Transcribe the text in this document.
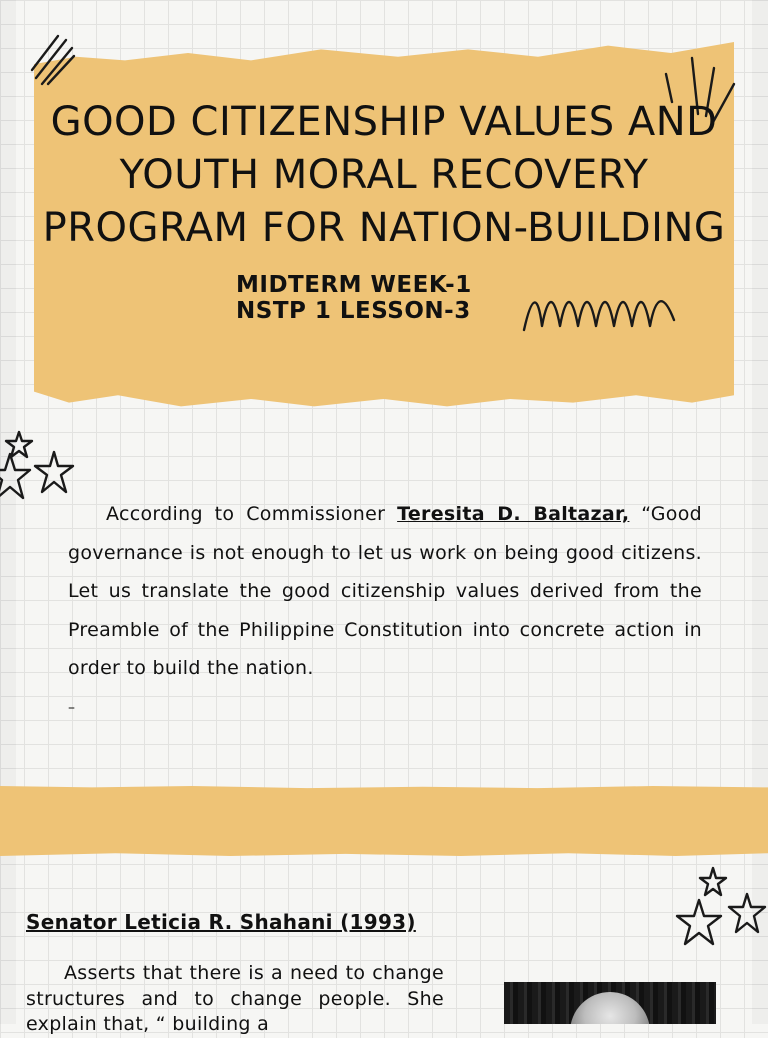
GOOD CITIZENSHIP VALUES AND YOUTH MORAL RECOVERY PROGRAM FOR NATION-BUILDING
MIDTERM WEEK-1
NSTP 1 LESSON-3
According to Commissioner Teresita D. Baltazar, “Good governance is not enough to let us work on being good citizens. Let us translate the good citizenship values derived from the Preamble of the Philippine Constitution into concrete action in order to build the nation.
–
Senator Leticia R. Shahani (1993)
Asserts that there is a need to change structures and to change people. She explain that, “ building a
